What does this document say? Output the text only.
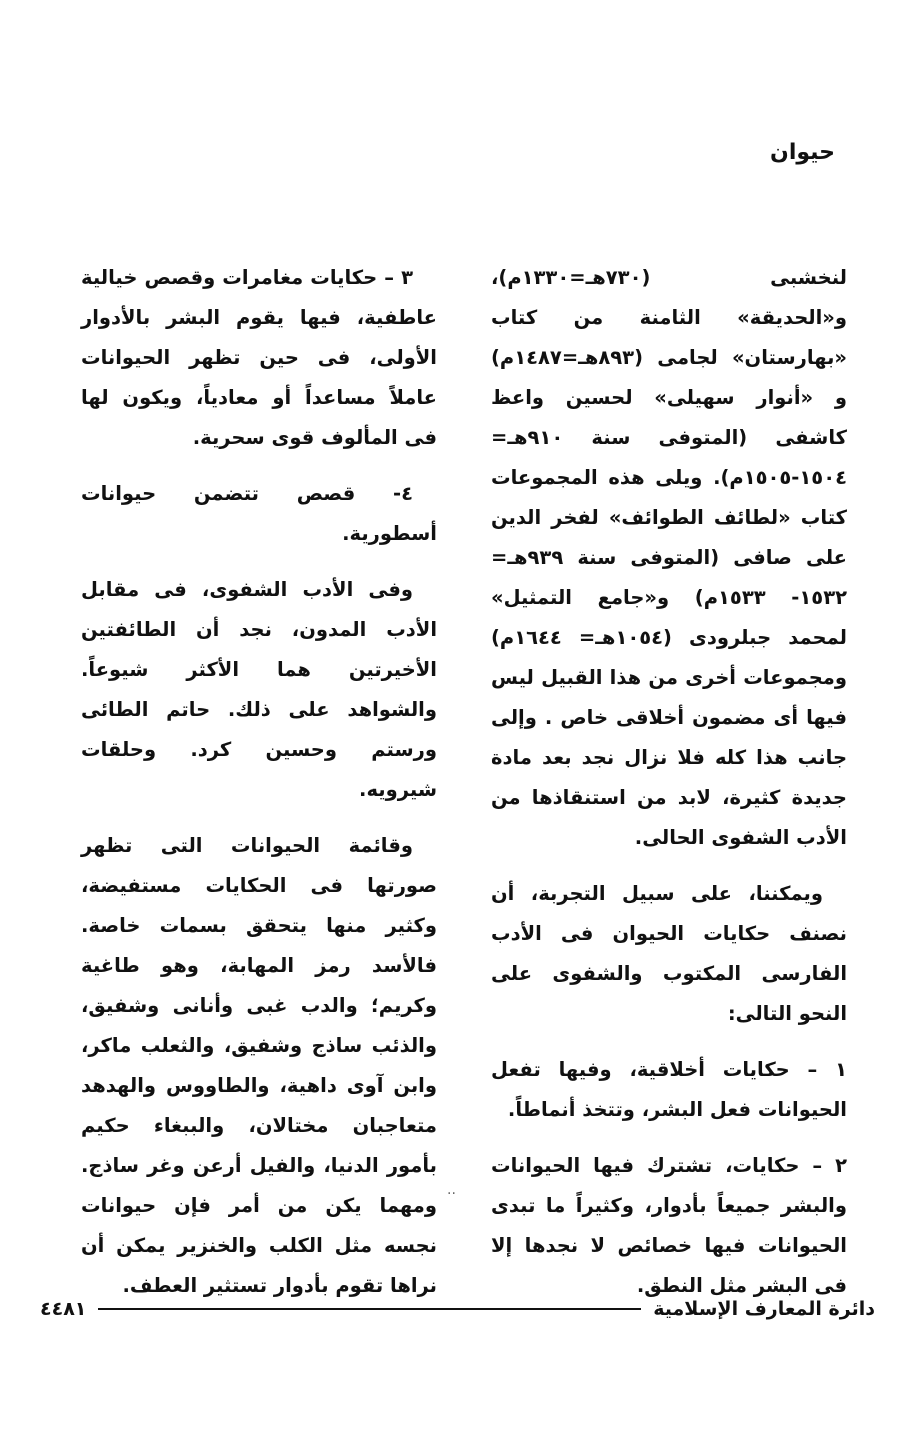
حيوان

لنخشبى (٧٣٠هـ=١٣٣٠م)، و«الحديقة» الثامنة من كتاب «بهارستان» لجامى (٨٩٣هـ=١٤٨٧م) و «أنوار سهيلى» لحسين واعظ كاشفى (المتوفى سنة ٩١٠هـ= ١٥٠٤-١٥٠٥م). ويلى هذه المجموعات كتاب «لطائف الطوائف» لفخر الدين على صافى (المتوفى سنة ٩٣٩هـ= ١٥٣٢- ١٥٣٣م) و«جامع التمثيل» لمحمد جبلرودى (١٠٥٤هـ= ١٦٤٤م) ومجموعات أخرى من هذا القبيل ليس فيها أى مضمون أخلاقى خاص . وإلى جانب هذا كله فلا نزال نجد بعد مادة جديدة كثيرة، لابد من استنقاذها من الأدب الشفوى الحالى.

ويمكننا، على سبيل التجربة، أن نصنف حكايات الحيوان فى الأدب الفارسى المكتوب والشفوى على النحو التالى:

١ – حكايات أخلاقية، وفيها تفعل الحيوانات فعل البشر، وتتخذ أنماطاً.

٢ – حكايات، تشترك فيها الحيوانات والبشر جميعاً بأدوار، وكثيراً ما تبدى الحيوانات فيها خصائص لا نجدها إلا فى البشر مثل النطق.

٣ – حكايات مغامرات وقصص خيالية عاطفية، فيها يقوم البشر بالأدوار الأولى، فى حين تظهر الحيوانات عاملاً مساعداً أو معادياً، ويكون لها فى المألوف قوى سحرية.

٤- قصص تتضمن حيوانات أسطورية.

وفى الأدب الشفوى، فى مقابل الأدب المدون، نجد أن الطائفتين الأخيرتين هما الأكثر شيوعاً. والشواهد على ذلك. حاتم الطائى ورستم وحسين كرد. وحلقات شيرويه.

وقائمة الحيوانات التى تظهر صورتها فى الحكايات مستفيضة، وكثير منها يتحقق بسمات خاصة. فالأسد رمز المهابة، وهو طاغية وكريم؛ والدب غبى وأنانى وشفيق، والذئب ساذج وشفيق، والثعلب ماكر، وابن آوى داهية، والطاووس والهدهد متعاجبان مختالان، والببغاء حكيم بأمور الدنيا، والفيل أرعن وغر ساذج. ومهما يكن من أمر فإن حيوانات نجسه مثل الكلب والخنزير يمكن أن نراها تقوم بأدوار تستثير العطف.

..
دائرة المعارف الإسلامية
٤٤٨١
